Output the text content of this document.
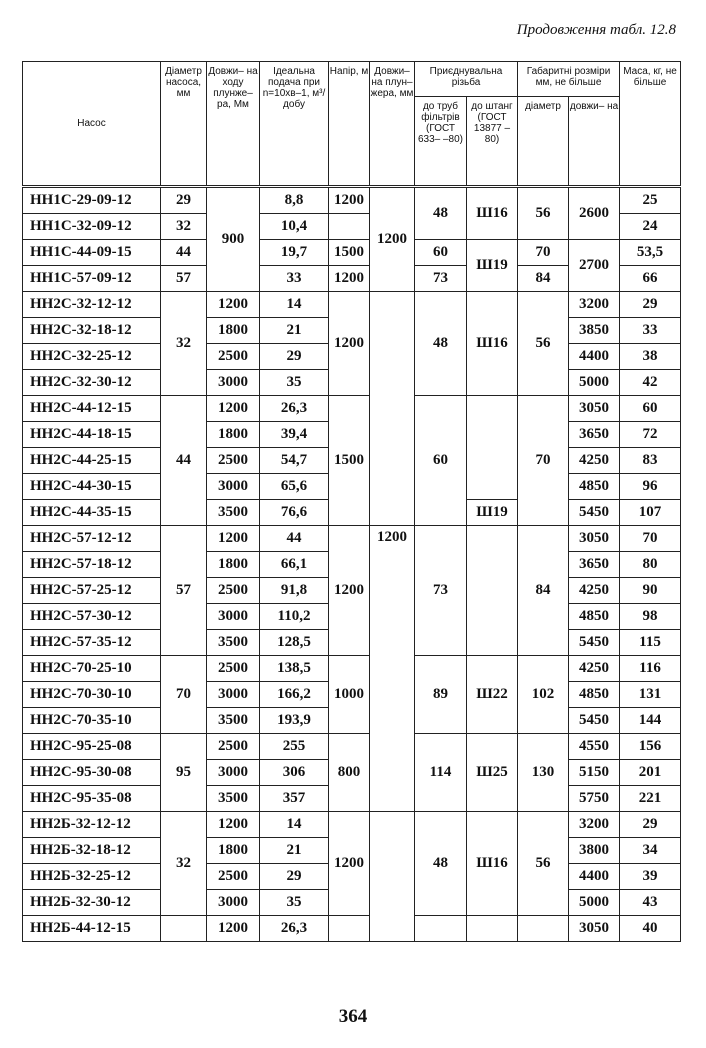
Продовження табл. 12.8
Насос	Діаметр насоса, мм	Довжи– на ходу плунже– ра, Мм	Ідеальна подача при n=10хв–1, м³/добу	Напір, м	Довжи– на плун– жера, мм	Приєднувальна різьба		Габаритні розміри мм, не більше		Маса, кг, не більше
						до труб фільтрів (ГОСТ 633– –80)	до штанг (ГОСТ 13877 –80)	діаметр	довжи– на	
НН1С-29-09-12	29	900	8,8	1200	1200	48	Ш16	56	2600	25
НН1С-32-09-12	32		10,4							24
НН1С-44-09-15	44		19,7	1500		60	Ш19	70	2700	53,5
НН1С-57-09-12	57		33	1200		73		84		66
НН2С-32-12-12	32	1200	14	1200		48	Ш16	56	3200	29
НН2С-32-18-12		1800	21						3850	33
НН2С-32-25-12		2500	29						4400	38
НН2С-32-30-12		3000	35						5000	42
НН2С-44-12-15	44	1200	26,3	1500		60		70	3050	60
НН2С-44-18-15		1800	39,4						3650	72
НН2С-44-25-15		2500	54,7						4250	83
НН2С-44-30-15		3000	65,6						4850	96
НН2С-44-35-15		3500	76,6				Ш19		5450	107
НН2С-57-12-12	57	1200	44	1200	1200	73		84	3050	70
НН2С-57-18-12		1800	66,1						3650	80
НН2С-57-25-12		2500	91,8						4250	90
НН2С-57-30-12		3000	110,2						4850	98
НН2С-57-35-12		3500	128,5						5450	115
НН2С-70-25-10	70	2500	138,5	1000		89	Ш22	102	4250	116
НН2С-70-30-10		3000	166,2						4850	131
НН2С-70-35-10		3500	193,9						5450	144
НН2С-95-25-08	95	2500	255	800		114	Ш25	130	4550	156
НН2С-95-30-08		3000	306						5150	201
НН2С-95-35-08		3500	357						5750	221
НН2Б-32-12-12	32	1200	14	1200		48	Ш16	56	3200	29
НН2Б-32-18-12		1800	21						3800	34
НН2Б-32-25-12		2500	29						4400	39
НН2Б-32-30-12		3000	35						5000	43
НН2Б-44-12-15		1200	26,3						3050	40
364
